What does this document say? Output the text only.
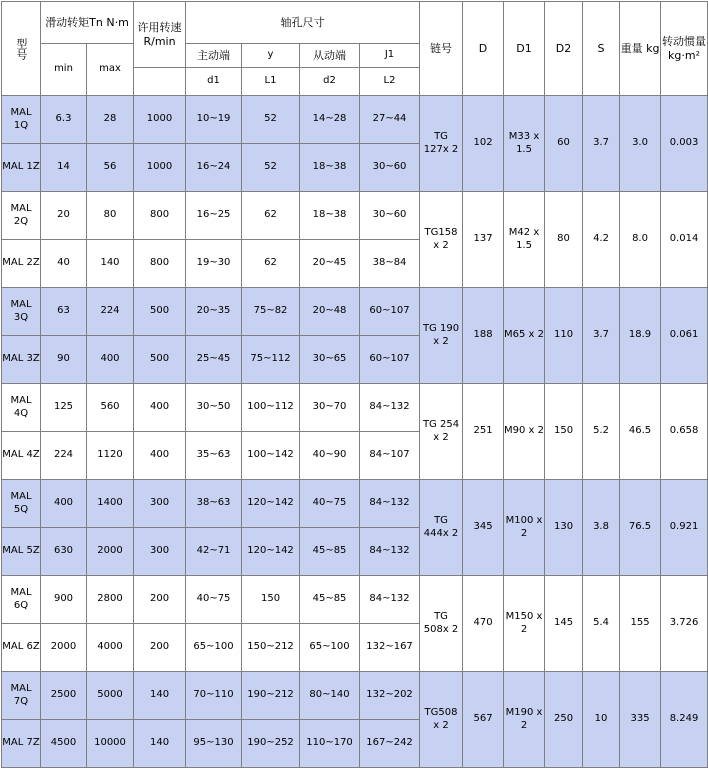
型号	滑动转矩Tn N·m		许用转速 R/min	轴孔尺寸				链号	D	D1	D2	S	重量 kg	转动惯量 kg·m²
	min	max		主动端	y	从动端	J1							
				d1	L1	d2	L2							
MAL 1Q	6.3	28	1000	10~19	52	14~28	27~44	TG 127x 2	102	M33 x 1.5	60	3.7	3.0	0.003
MAL 1Z	14	56	1000	16~24	52	18~38	30~60							
MAL 2Q	20	80	800	16~25	62	18~38	30~60	TG158 x 2	137	M42 x 1.5	80	4.2	8.0	0.014
MAL 2Z	40	140	800	19~30	62	20~45	38~84							
MAL 3Q	63	224	500	20~35	75~82	20~48	60~107	TG 190 x 2	188	M65 x 2	110	3.7	18.9	0.061
MAL 3Z	90	400	500	25~45	75~112	30~65	60~107							
MAL 4Q	125	560	400	30~50	100~112	30~70	84~132	TG 254 x 2	251	M90 x 2	150	5.2	46.5	0.658
MAL 4Z	224	1120	400	35~63	100~142	40~90	84~107							
MAL 5Q	400	1400	300	38~63	120~142	40~75	84~132	TG 444x 2	345	M100 x 2	130	3.8	76.5	0.921
MAL 5Z	630	2000	300	42~71	120~142	45~85	84~132							
MAL 6Q	900	2800	200	40~75	150	45~85	84~132	TG 508x 2	470	M150 x 2	145	5.4	155	3.726
MAL 6Z	2000	4000	200	65~100	150~212	65~100	132~167							
MAL 7Q	2500	5000	140	70~110	190~212	80~140	132~202	TG508 x 2	567	M190 x 2	250	10	335	8.249
MAL 7Z	4500	10000	140	95~130	190~252	110~170	167~242							
